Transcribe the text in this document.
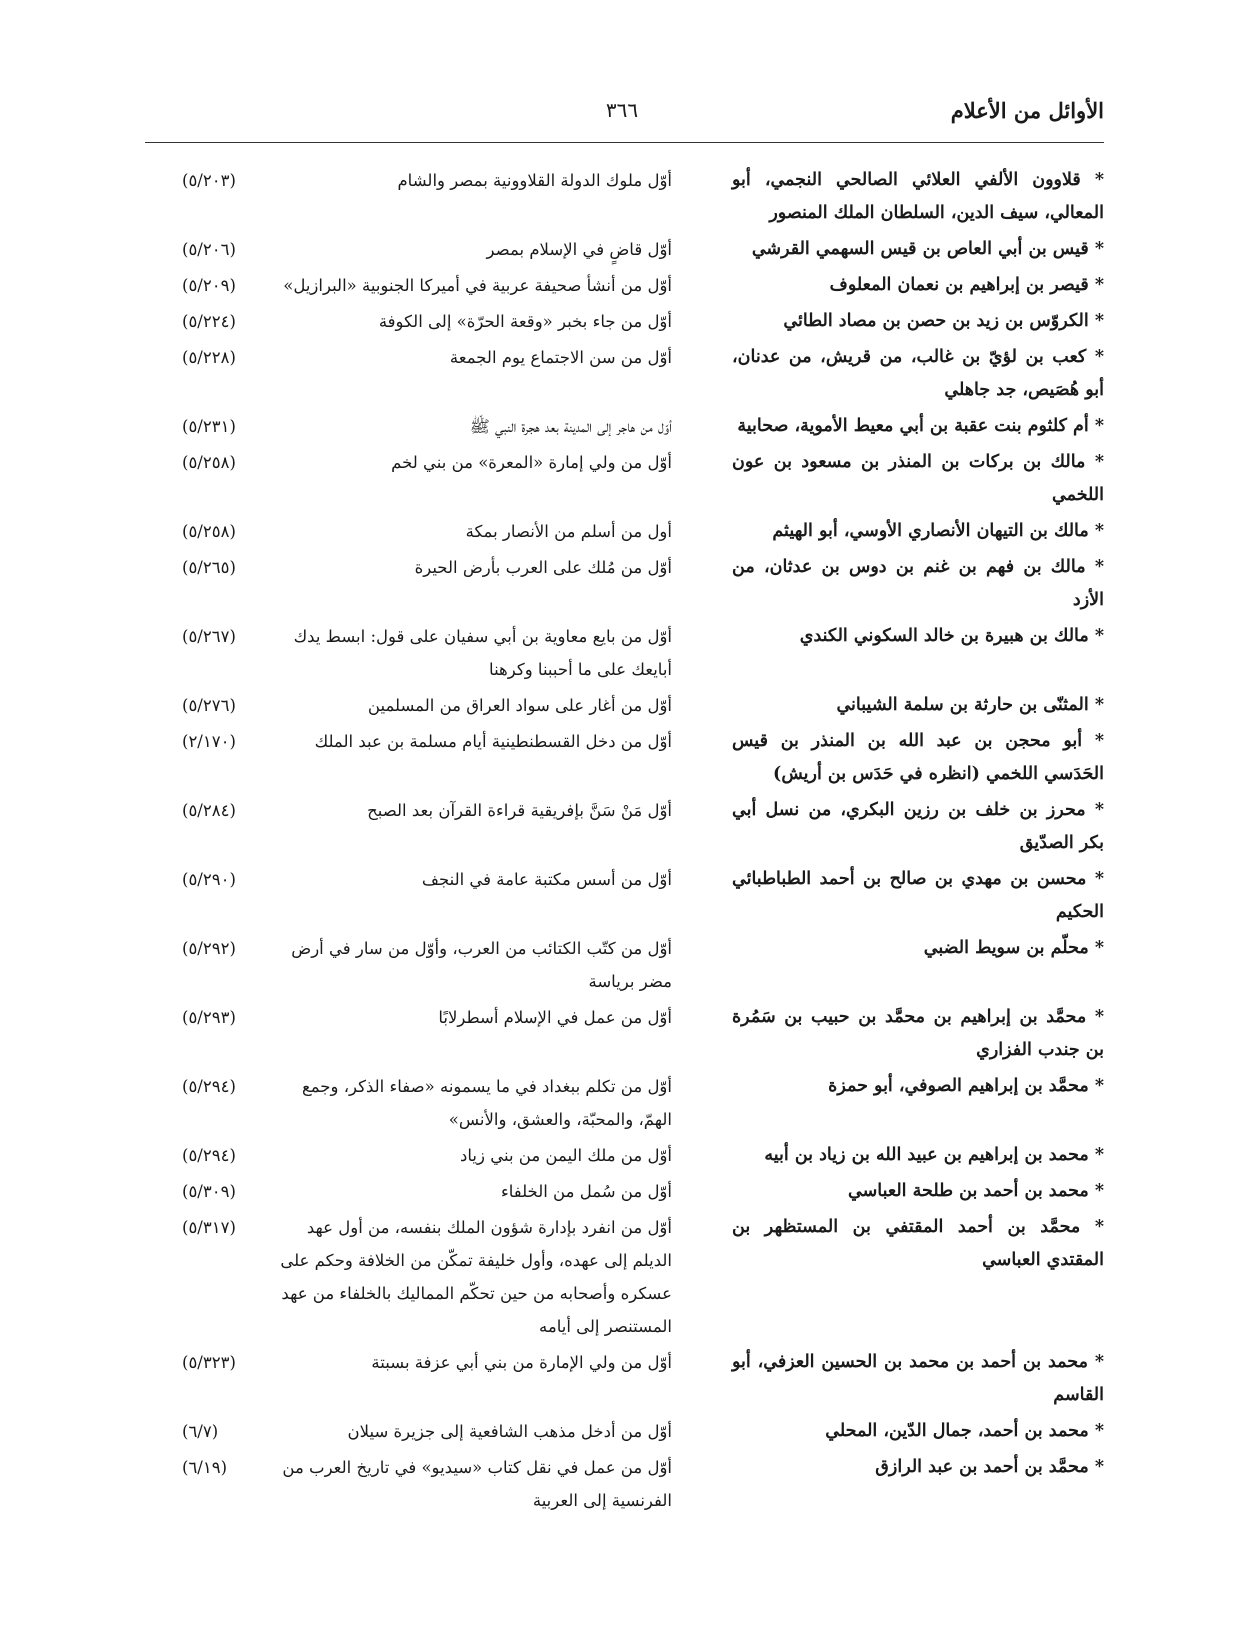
الأوائل من الأعلام
٣٦٦
* قلاوون الألفي العلائي الصالحي النجمي، أبو المعالي، سيف الدين، السلطان الملك المنصور
أوّل ملوك الدولة القلاوونية بمصر والشام
(٥/٢٠٣)
* قيس بن أبي العاص بن قيس السهمي القرشي
أوّل قاضٍ في الإسلام بمصر
(٥/٢٠٦)
* قيصر بن إبراهيم بن نعمان المعلوف
أوّل من أنشأ صحيفة عربية في أميركا الجنوبية «البرازيل»
(٥/٢٠٩)
* الكروّس بن زيد بن حصن بن مصاد الطائي
أوّل من جاء بخبر «وقعة الحرّة» إلى الكوفة
(٥/٢٢٤)
* كعب بن لؤيّ بن غالب، من قريش، من عدنان، أبو هُصَيص، جد جاهلي
أوّل من سن الاجتماع يوم الجمعة
(٥/٢٢٨)
* أم كلثوم بنت عقبة بن أبي معيط الأموية، صحابية
أوّل من هاجر إلى المدينة بعد هجرة النبي ﷺ
(٥/٢٣١)
* مالك بن بركات بن المنذر بن مسعود بن عون اللخمي
أوّل من ولي إمارة «المعرة» من بني لخم
(٥/٢٥٨)
* مالك بن التيهان الأنصاري الأوسي، أبو الهيثم
أول من أسلم من الأنصار بمكة
(٥/٢٥٨)
* مالك بن فهم بن غنم بن دوس بن عدثان، من الأزد
أوّل من مُلك على العرب بأرض الحيرة
(٥/٢٦٥)
* مالك بن هبيرة بن خالد السكوني الكندي
أوّل من بايع معاوية بن أبي سفيان على قول: ابسط يدك أبايعك على ما أحببنا وكرهنا
(٥/٢٦٧)
* المثنّى بن حارثة بن سلمة الشيباني
أوّل من أغار على سواد العراق من المسلمين
(٥/٢٧٦)
* أبو محجن بن عبد الله بن المنذر بن قيس الحَدَسي اللخمي (انظره في حَدَس بن أريش)
أوّل من دخل القسطنطينية أيام مسلمة بن عبد الملك
(٢/١٧٠)
* محرز بن خلف بن رزين البكري، من نسل أبي بكر الصدّيق
أوّل مَنْ سَنَّ بإفريقية قراءة القرآن بعد الصبح
(٥/٢٨٤)
* محسن بن مهدي بن صالح بن أحمد الطباطبائي الحكيم
أوّل من أسس مكتبة عامة في النجف
(٥/٢٩٠)
* محلّم بن سويط الضبي
أوّل من كتّب الكتائب من العرب، وأوّل من سار في أرض مضر برياسة
(٥/٢٩٢)
* محمَّد بن إبراهيم بن محمَّد بن حبيب بن سَمُرة بن جندب الفزاري
أوّل من عمل في الإسلام أسطرلابًا
(٥/٢٩٣)
* محمَّد بن إبراهيم الصوفي، أبو حمزة
أوّل من تكلم ببغداد في ما يسمونه «صفاء الذكر، وجمع الهمّ، والمحبّة، والعشق، والأنس»
(٥/٢٩٤)
* محمد بن إبراهيم بن عبيد الله بن زياد بن أبيه
أوّل من ملك اليمن من بني زياد
(٥/٢٩٤)
* محمد بن أحمد بن طلحة العباسي
أوّل من سُمل من الخلفاء
(٥/٣٠٩)
* محمَّد بن أحمد المقتفي بن المستظهر بن المقتدي العباسي
أوّل من انفرد بإدارة شؤون الملك بنفسه، من أول عهد الديلم إلى عهده، وأول خليفة تمكّن من الخلافة وحكم على عسكره وأصحابه من حين تحكّم المماليك بالخلفاء من عهد المستنصر إلى أيامه
(٥/٣١٧)
* محمد بن أحمد بن محمد بن الحسين العزفي، أبو القاسم
أوّل من ولي الإمارة من بني أبي عزفة بسبتة
(٥/٣٢٣)
* محمد بن أحمد، جمال الدّين، المحلي
أوّل من أدخل مذهب الشافعية إلى جزيرة سيلان
(٦/٧)
* محمَّد بن أحمد بن عبد الرازق
أوّل من عمل في نقل كتاب «سيديو» في تاريخ العرب من الفرنسية إلى العربية
(٦/١٩)
